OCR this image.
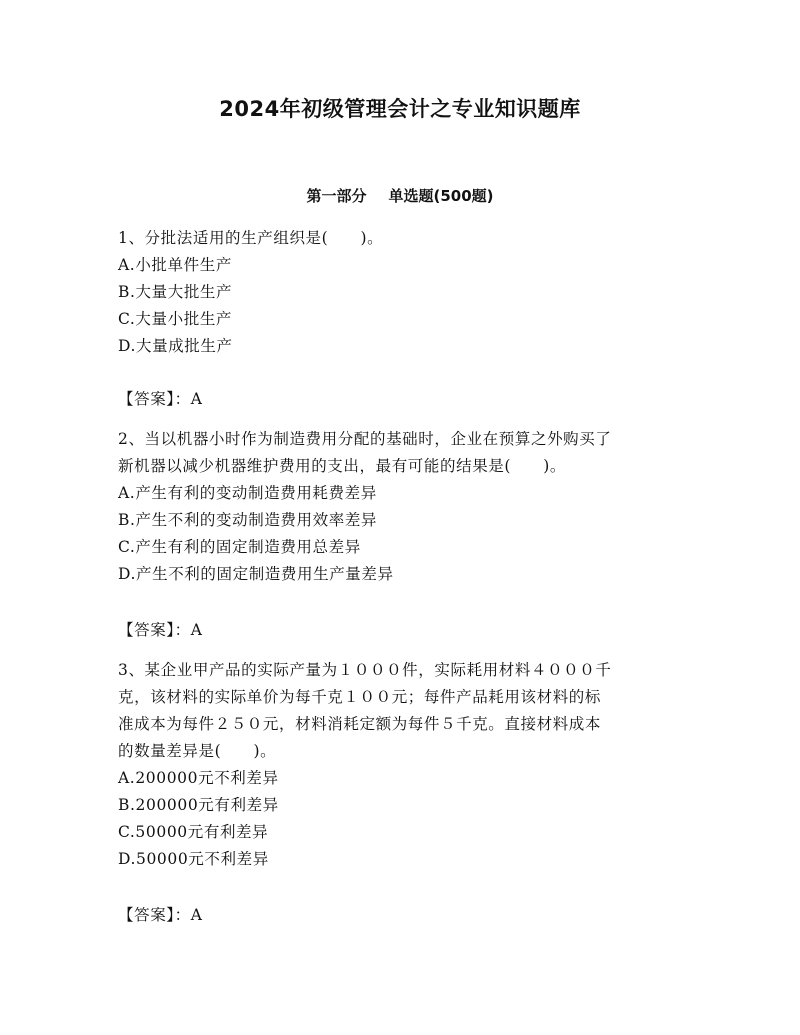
2024年初级管理会计之专业知识题库
第一部分 单选题(500题)

1、分批法适用的生产组织是(　　)。

A.小批单件生产

B.大量大批生产

C.大量小批生产

D.大量成批生产

【答案】：A

2、当以机器小时作为制造费用分配的基础时，企业在预算之外购买了

新机器以减少机器维护费用的支出，最有可能的结果是(　　)。

A.产生有利的变动制造费用耗费差异

B.产生不利的变动制造费用效率差异

C.产生有利的固定制造费用总差异

D.产生不利的固定制造费用生产量差异

【答案】：A

3、某企业甲产品的实际产量为１０００件，实际耗用材料４０００千

克，该材料的实际单价为每千克１００元；每件产品耗用该材料的标

准成本为每件２５０元，材料消耗定额为每件５千克。直接材料成本

的数量差异是(　　)。

A.200000元不利差异

B.200000元有利差异

C.50000元有利差异

D.50000元不利差异

【答案】：A
